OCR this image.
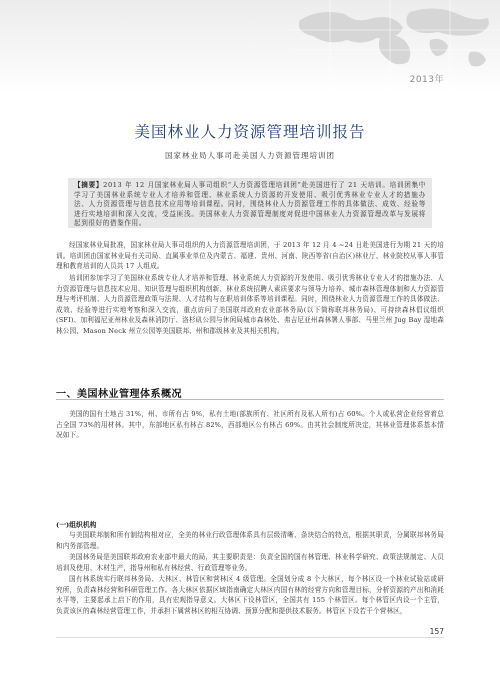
2013年
美国林业人力资源管理培训报告
国家林业局人事司赴美国人力资源管理培训团
【摘要】2013 年 12 月国家林业局人事司组织“人力资源管理培训团”赴美国进行了 21 天培训。培训团集中学习了美国林业系统专业人才培养和管理、林业系统人力资源的开发使用、吸引优秀林业专业人才的措施办法、人力资源管理与信息技术应用等培训课程。同时，围绕林业人力资源管理工作的具体做法、成效、经验等进行实地培训和深入交流，受益匪浅。美国林业人力资源管理制度对促进中国林业人力资源管理改革与发展将起到很好的借鉴作用。

经国家林业局批准，国家林业局人事司组织的人力资源管理培训团，于 2013 年 12 月 4 ~24 日赴美国进行为期 21 天的培训。培训团由国家林业局有关司局、直属事业单位及内蒙古、福建、贵州、河南、陕西等省(自治区)林业厅、林业院校从事人事管理和教育培训的人员共 17 人组成。

培训团参加学习了美国林业系统专业人才培养和管理、林业系统人力资源的开发使用、吸引优秀林业专业人才的措施办法、人力资源管理与信息技术应用、知识管理与组织机构创新、林业系统招聘人素质要求与领导力培养、城市森林管理体制和人力资源管理与考评机制、人力资源管理政策与法规、人才结构与在职培训体系等培训课程。同时，围绕林业人力资源管理工作的具体做法、成效、经验等进行实地考察和深入交流，重点访问了美国联邦政府农业部林务局(以下简称联邦林务局)、可持续森林倡议组织(SFI)、加利福尼亚州林业及森林消防厅、洛杉矶公园与休闲局城市森林处、弗吉尼亚州森林署人事部、马里兰州 Jug Bay 湿地森林公园、Mason Neck 州立公园等美国联邦、州和郡级林业及其相关机构。

一、美国林业管理体系概况

美国的国有土地占 31%，州、市所有占 9%，私有土地(部族所有、社区所有及私人所有)占 60%。个人或私营企业经营着总占全国 73%的用材林。其中，东部地区私有林占 82%，西部地区公有林占 69%。由其社会制度所决定，其林业管理体系基本情况如下。

(一)组织机构

与美国联邦制和所有制结构相对应，全美的林业行政管理体系具有层级清晰、条块结合的特点，根据其职责，分属联邦林务局和内务部管理。

美国林务局是美国联邦政府农业部中最大的局，其主要职责是：负责全国的国有林管理、林业科学研究、政策法规制定、人员培训及使用、木材生产，指导州和私有林经营、行政管理等业务。

国有林系统实行联邦林务局、大林区、林管区和营林区 4 级管理。全国划分成 8 个大林区，每个林区设一个林业试验站或研究所，负责森林经营和科研管理工作。各大林区依据区域指南确定大林区内国有林的经营方向和管理目标，分析资源的产出和消耗水平等，主要起承上启下的作用，具有宏观指导意义。大林区下设林管区，全国共有 155 个林管区。每个林管区内设一个主管，负责该区的森林经营管理工作，并承担下属营林区的相互协调、预算分配和提供技术服务。林管区下设若干个营林区，

157
